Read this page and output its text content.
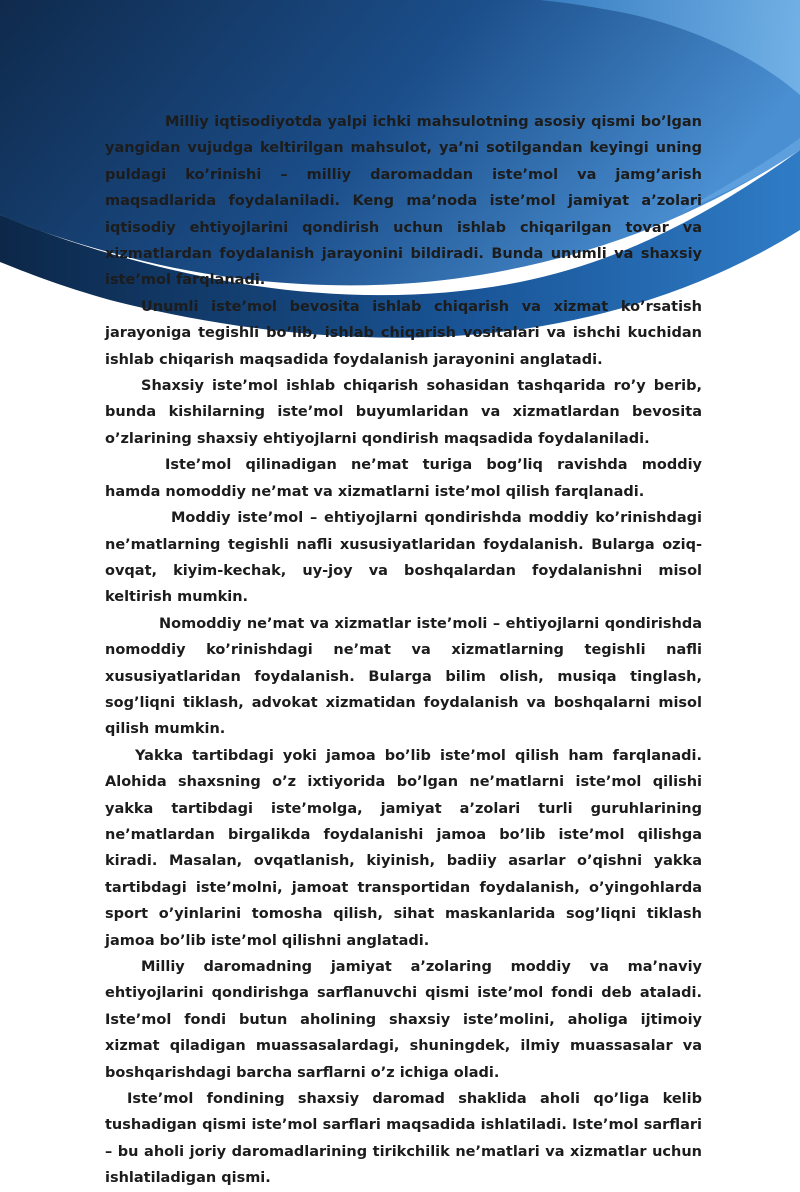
Milliy iqtisodiyotda yalpi ichki mahsulotning asosiy qismi bo’lgan yangidan vujudga keltirilgan mahsulot, ya’ni sotilgandan keyingi uning puldagi ko’rinishi – milliy daromaddan iste’mol va jamg’arish maqsadlarida foydalaniladi. Keng ma’noda iste’mol jamiyat a’zolari iqtisodiy ehtiyojlarini qondirish uchun ishlab chiqarilgan tovar va xizmatlardan foydalanish jarayonini bildiradi. Bunda unumli va shaxsiy iste’mol farqlanadi.

Unumli iste’mol bevosita ishlab chiqarish va xizmat ko’rsatish jarayoniga tegishli bo’lib, ishlab chiqarish vositalari va ishchi kuchidan ishlab chiqarish maqsadida foydalanish jarayonini anglatadi.

Shaxsiy iste’mol ishlab chiqarish sohasidan tashqarida ro’y berib, bunda kishilarning iste’mol buyumlaridan va xizmatlardan bevosita o’zlarining shaxsiy ehtiyojlarni qondirish maqsadida foydalaniladi.

Iste’mol qilinadigan ne’mat turiga bog’liq ravishda moddiy hamda nomoddiy ne’mat va xizmatlarni iste’mol qilish farqlanadi.

Moddiy iste’mol – ehtiyojlarni qondirishda moddiy ko’rinishdagi ne’matlarning tegishli nafli xususiyatlaridan foydalanish. Bularga oziq-ovqat, kiyim-kechak, uy-joy va boshqalardan foydalanishni misol keltirish mumkin.

Nomoddiy ne’mat va xizmatlar iste’moli – ehtiyojlarni qondirishda nomoddiy ko’rinishdagi ne’mat va xizmatlarning tegishli nafli xususiyatlaridan foydalanish. Bularga bilim olish, musiqa tinglash, sog’liqni tiklash, advokat xizmatidan foydalanish va boshqalarni misol qilish mumkin.

Yakka tartibdagi yoki jamoa bo’lib iste’mol qilish ham farqlanadi. Alohida shaxsning o’z ixtiyorida bo’lgan ne’matlarni iste’mol qilishi yakka tartibdagi iste’molga, jamiyat a’zolari turli guruhlarining ne’matlardan birgalikda foydalanishi jamoa bo’lib iste’mol qilishga kiradi. Masalan, ovqatlanish, kiyinish, badiiy asarlar o’qishni yakka tartibdagi iste’molni, jamoat transportidan foydalanish, o’yingohlarda sport o’yinlarini tomosha qilish, sihat maskanlarida sog’liqni tiklash jamoa bo’lib iste’mol qilishni anglatadi.

Milliy daromadning jamiyat a’zolaring moddiy va ma’naviy ehtiyojlarini qondirishga sarflanuvchi qismi iste’mol fondi deb ataladi. Iste’mol fondi butun aholining shaxsiy iste’molini, aholiga ijtimoiy xizmat qiladigan muassasalardagi, shuningdek, ilmiy muassasalar va boshqarishdagi barcha sarflarni o’z ichiga oladi.

Iste’mol fondining shaxsiy daromad shaklida aholi qo’liga kelib tushadigan qismi iste’mol sarflari maqsadida ishlatiladi. Iste’mol sarflari – bu aholi joriy daromadlarining tirikchilik ne’matlari va xizmatlar uchun ishlatiladigan qismi.
